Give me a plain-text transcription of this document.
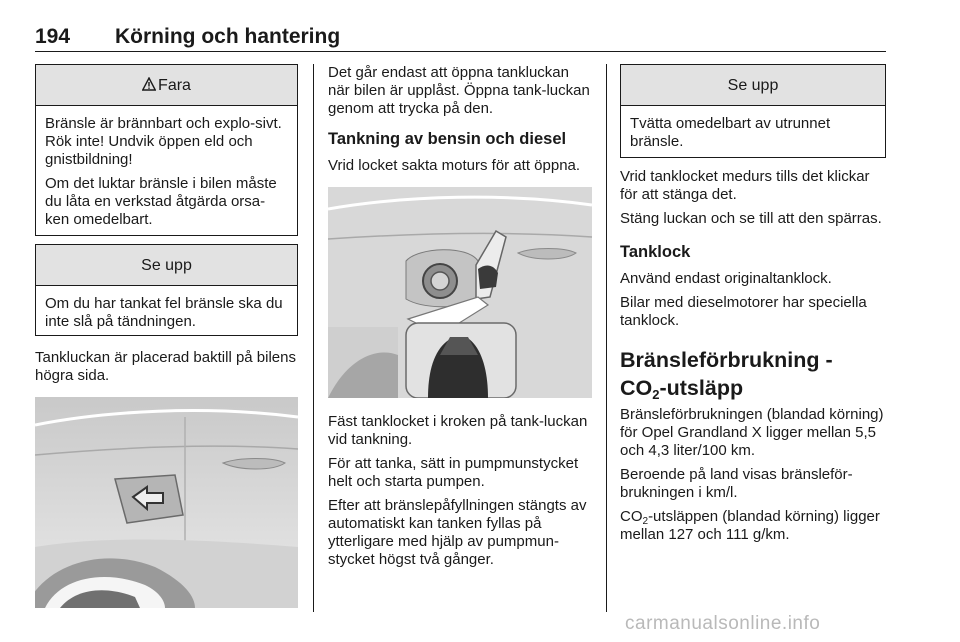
194 Körning och hantering
Fara

Bränsle är brännbart och explo-sivt. Rök inte! Undvik öppen eld och gnistbildning!

Om det luktar bränsle i bilen måste du låta en verkstad åtgärda orsa-ken omedelbart.

Se upp

Om du har tankat fel bränsle ska du inte slå på tändningen.

Tankluckan är placerad baktill på bilens högra sida.

Det går endast att öppna tankluckan när bilen är upplåst. Öppna tank-luckan genom att trycka på den.

Tankning av bensin och diesel

Vrid locket sakta moturs för att öppna.

Fäst tanklocket i kroken på tank-luckan vid tankning.

För att tanka, sätt in pumpmunstycket helt och starta pumpen.

Efter att bränslepåfyllningen stängts av automatiskt kan tanken fyllas på ytterligare med hjälp av pumpmun-stycket högst två gånger.

Se upp

Tvätta omedelbart av utrunnet bränsle.

Vrid tanklocket medurs tills det klickar för att stänga det.

Stäng luckan och se till att den spärras.

Tanklock

Använd endast originaltanklock.

Bilar med dieselmotorer har speciella tanklock.

Bränsleförbrukning -
$CO_2$-utsläpp

Bränsleförbrukningen (blandad körning) för Opel Grandland X ligger mellan 5,5 och 4,3 liter/100 km.

Beroende på land visas bränsleför-brukningen i km/l.

$CO_2$-utsläppen (blandad körning) ligger mellan 127 och 111 g/km.

carmanualsonline.info
